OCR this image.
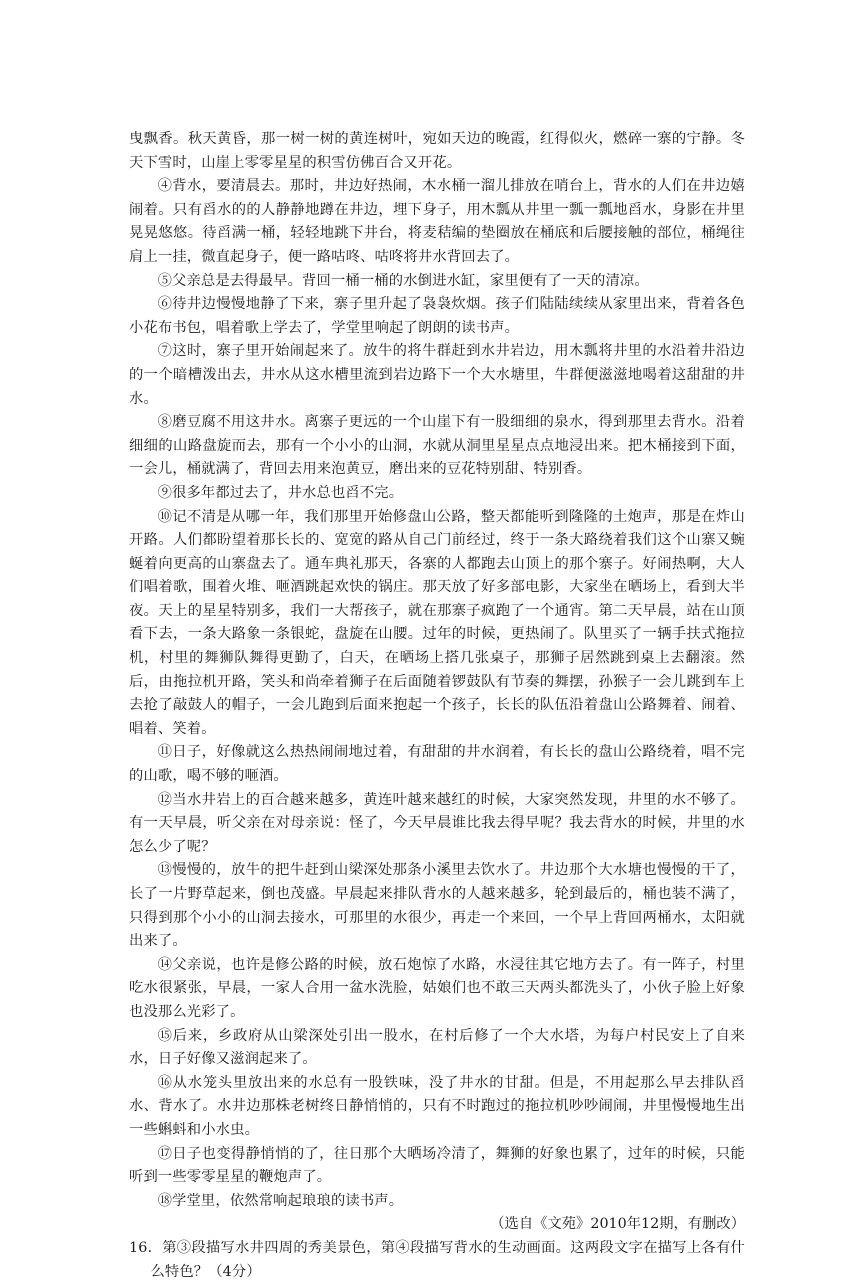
曳飘香。秋天黄昏，那一树一树的黄连树叶，宛如天边的晚霞，红得似火，燃碎一寨的宁静。冬天下雪时，山崖上零零星星的积雪仿佛百合又开花。

④背水，要清晨去。那时，井边好热闹，木水桶一溜儿排放在哨台上，背水的人们在井边嬉闹着。只有舀水的的人静静地蹲在井边，埋下身子，用木瓢从井里一瓢一瓢地舀水，身影在井里晃晃悠悠。待舀满一桶，轻轻地跳下井台，将麦秸编的垫圈放在桶底和后腰接触的部位，桶绳往肩上一挂，微直起身子，便一路咕咚、咕咚将井水背回去了。

⑤父亲总是去得最早。背回一桶一桶的水倒进水缸，家里便有了一天的清凉。

⑥待井边慢慢地静了下来，寨子里升起了袅袅炊烟。孩子们陆陆续续从家里出来，背着各色小花布书包，唱着歌上学去了，学堂里响起了朗朗的读书声。

⑦这时，寨子里开始闹起来了。放牛的将牛群赶到水井岩边，用木瓢将井里的水沿着井沿边的一个暗槽泼出去，井水从这水槽里流到岩边路下一个大水塘里，牛群便滋滋地喝着这甜甜的井水。

⑧磨豆腐不用这井水。离寨子更远的一个山崖下有一股细细的泉水，得到那里去背水。沿着细细的山路盘旋而去，那有一个小小的山洞，水就从洞里星星点点地浸出来。把木桶接到下面，一会儿，桶就满了，背回去用来泡黄豆，磨出来的豆花特别甜、特别香。

⑨很多年都过去了，井水总也舀不完。

⑩记不清是从哪一年，我们那里开始修盘山公路，整天都能听到隆隆的土炮声，那是在炸山开路。人们都盼望着那长长的、宽宽的路从自己门前经过，终于一条大路绕着我们这个山寨又蜿蜒着向更高的山寨盘去了。通车典礼那天，各寨的人都跑去山顶上的那个寨子。好闹热啊，大人们唱着歌，围着火堆、咂酒跳起欢快的锅庄。那天放了好多部电影，大家坐在晒场上，看到大半夜。天上的星星特别多，我们一大帮孩子，就在那寨子疯跑了一个通宵。第二天早晨，站在山顶看下去，一条大路象一条银蛇，盘旋在山腰。过年的时候，更热闹了。队里买了一辆手扶式拖拉机，村里的舞狮队舞得更勤了，白天，在晒场上搭几张桌子，那狮子居然跳到桌上去翻滚。然后，由拖拉机开路，笑头和尚牵着狮子在后面随着锣鼓队有节奏的舞摆，孙猴子一会儿跳到车上去抢了敲鼓人的帽子，一会儿跑到后面来抱起一个孩子，长长的队伍沿着盘山公路舞着、闹着、唱着、笑着。

⑪日子，好像就这么热热闹闹地过着，有甜甜的井水润着，有长长的盘山公路绕着，唱不完的山歌，喝不够的咂酒。

⑫当水井岩上的百合越来越多，黄连叶越来越红的时候，大家突然发现，井里的水不够了。有一天早晨，听父亲在对母亲说：怪了，今天早晨谁比我去得早呢？我去背水的时候，井里的水怎么少了呢？

⑬慢慢的，放牛的把牛赶到山梁深处那条小溪里去饮水了。井边那个大水塘也慢慢的干了，长了一片野草起来，倒也茂盛。早晨起来排队背水的人越来越多，轮到最后的，桶也装不满了，只得到那个小小的山洞去接水，可那里的水很少，再走一个来回，一个早上背回两桶水，太阳就出来了。

⑭父亲说，也许是修公路的时候，放石炮惊了水路，水浸往其它地方去了。有一阵子，村里吃水很紧张，早晨，一家人合用一盆水洗脸，姑娘们也不敢三天两头都洗头了，小伙子脸上好象也没那么光彩了。

⑮后来，乡政府从山梁深处引出一股水，在村后修了一个大水塔，为每户村民安上了自来水，日子好像又滋润起来了。

⑯从水笼头里放出来的水总有一股铁味，没了井水的甘甜。但是，不用起那么早去排队舀水、背水了。水井边那株老树终日静悄悄的，只有不时跑过的拖拉机吵吵闹闹，井里慢慢地生出一些蝌蚪和小水虫。

⑰日子也变得静悄悄的了，往日那个大晒场冷清了，舞狮的好象也累了，过年的时候，只能听到一些零零星星的鞭炮声了。

⑱学堂里，依然常响起琅琅的读书声。

（选自《文苑》2010年12期，有删改）

16．第③段描写水井四周的秀美景色，第④段描写背水的生动画面。这两段文字在描写上各有什么特色？（4分）
